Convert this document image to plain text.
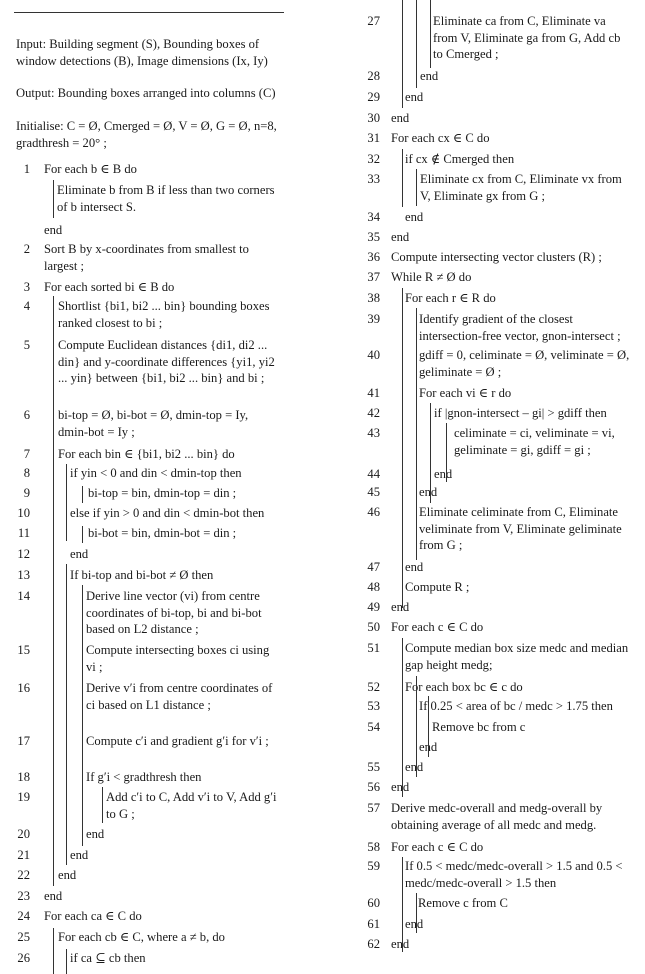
Input: Building segment (S), Bounding boxes of window detections (B), Image dimensions (Ix, Iy)
Output: Bounding boxes arranged into columns (C)
Initialise: C = Ø, Cmerged = Ø, V = Ø, G = Ø, n=8, gradthresh = 20° ;
1 For each b ∈ B do
Eliminate b from B if less than two corners of b intersect S.
end
2 Sort B by x-coordinates from smallest to largest ;
3 For each sorted bi ∈ B do
4 Shortlist {bi1, bi2 ... bin} bounding boxes ranked closest to bi ;
5 Compute Euclidean distances {di1, di2 ... din} and y-coordinate differences {yi1, yi2 ... yin} between {bi1, bi2 ... bin} and bi ;
6 bi-top = Ø, bi-bot = Ø, dmin-top = Iy, dmin-bot = Iy ;
7 For each bin ∈ {bi1, bi2 ... bin} do
8	if yin < 0 and din < dmin-top then
9	bi-top = bin, dmin-top = din ;
10	else if yin > 0 and din < dmin-bot then
11	bi-bot = bin, dmin-bot = din ;
12	end
13	If bi-top and bi-bot ≠ Ø then
14	Derive line vector (vi) from centre coordinates of bi-top, bi and bi-bot based on L2 distance ;
15	Compute intersecting boxes ci using vi ;
16	Derive v′i from centre coordinates of ci based on L1 distance ;
17	Compute c′i and gradient g′i for v′i ;
18	If g′i < gradthresh then
19	Add c′i to C, Add v′i to V, Add g′i to G ;
20	end
21	end
22 end
23 end
24 For each ca ∈ C do
25 For each cb ∈ C, where a ≠ b, do
26	if ca ⊆ cb then
27	Eliminate ca from C, Eliminate va from V, Eliminate ga from G, Add cb to Cmerged ;
28	end
29 end
30 end
31 For each cx ∈ C do
32 if cx ∉ Cmerged then
33	Eliminate cx from C, Eliminate vx from V, Eliminate gx from G ;
34 end
35 end
36 Compute intersecting vector clusters (R) ;
37 While R ≠ Ø do
38 For each r ∈ R do
39	Identify gradient of the closest intersection-free vector, gnon-intersect ;
40	gdiff = 0, celiminate = Ø, veliminate = Ø, geliminate = Ø ;
41	For each vi ∈ r do
42	if |gnon-intersect – gi| > gdiff then
43	celiminate = ci, veliminate = vi, geliminate = gi, gdiff = gi ;
44	end
45	end
46	Eliminate celiminate from C, Eliminate veliminate from V, Eliminate geliminate from G ;
47 end
48 Compute R ;
49 end
50 For each c ∈ C do
51 Compute median box size medc and median gap height medg;
52 For each box bc ∈ c do
53	If 0.25 < area of bc / medc > 1.75 then
54	Remove bc from c
end
55 end
56 end
57 Derive medc-overall and medg-overall by obtaining average of all medc and medg.
58 For each c ∈ C do
59 If 0.5 < medc/medc-overall > 1.5 and 0.5 < medc/medc-overall > 1.5 then
60	Remove c from C
61 end
62 end
